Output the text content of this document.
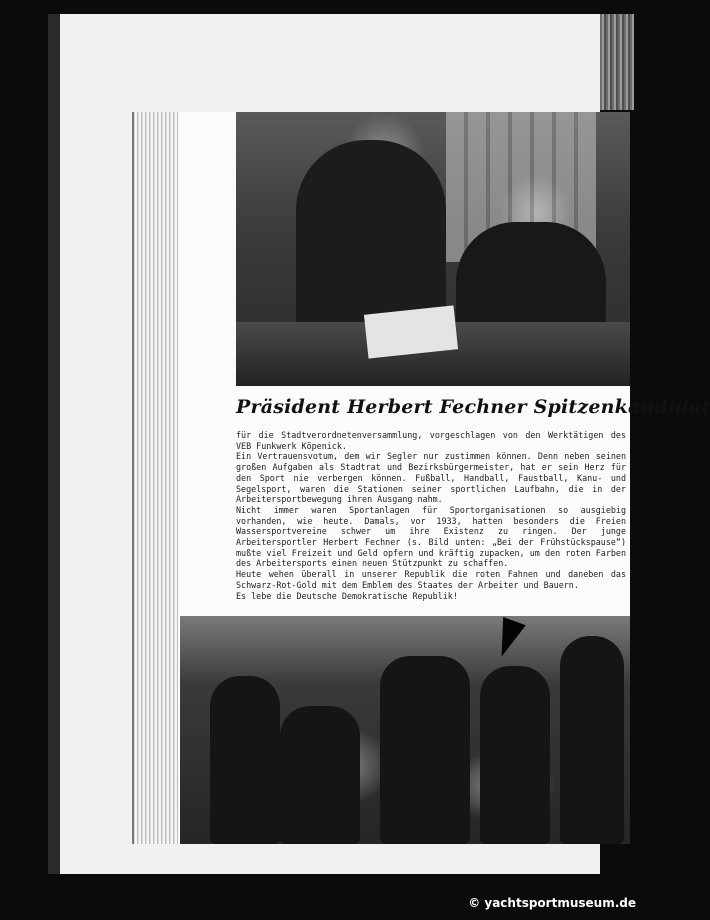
Präsident Herbert Fechner Spitzenkandidat

für die Stadtverordnetenversammlung, vorgeschlagen von den Werktätigen des VEB Funkwerk Köpenick.

Ein Vertrauensvotum, dem wir Segler nur zustimmen können. Denn neben seinen großen Aufgaben als Stadtrat und Bezirksbürgermeister, hat er sein Herz für den Sport nie verbergen können. Fußball, Handball, Faustball, Kanu- und Segelsport, waren die Stationen seiner sportlichen Laufbahn, die in der Arbeitersportbewegung ihren Ausgang nahm.

Nicht immer waren Sportanlagen für Sportorganisationen so ausgiebig vorhanden, wie heute. Damals, vor 1933, hatten besonders die Freien Wassersportvereine schwer um ihre Existenz zu ringen. Der junge Arbeitersportler Herbert Fechner (s. Bild unten: „Bei der Frühstückspause“) mußte viel Freizeit und Geld opfern und kräftig zupacken, um den roten Farben des Arbeitersports einen neuen Stützpunkt zu schaffen.

Heute wehen überall in unserer Republik die roten Fahnen und daneben das Schwarz-Rot-Gold mit dem Emblem des Staates der Arbeiter und Bauern.

Es lebe die Deutsche Demokratische Republik!

© yachtsportmuseum.de
